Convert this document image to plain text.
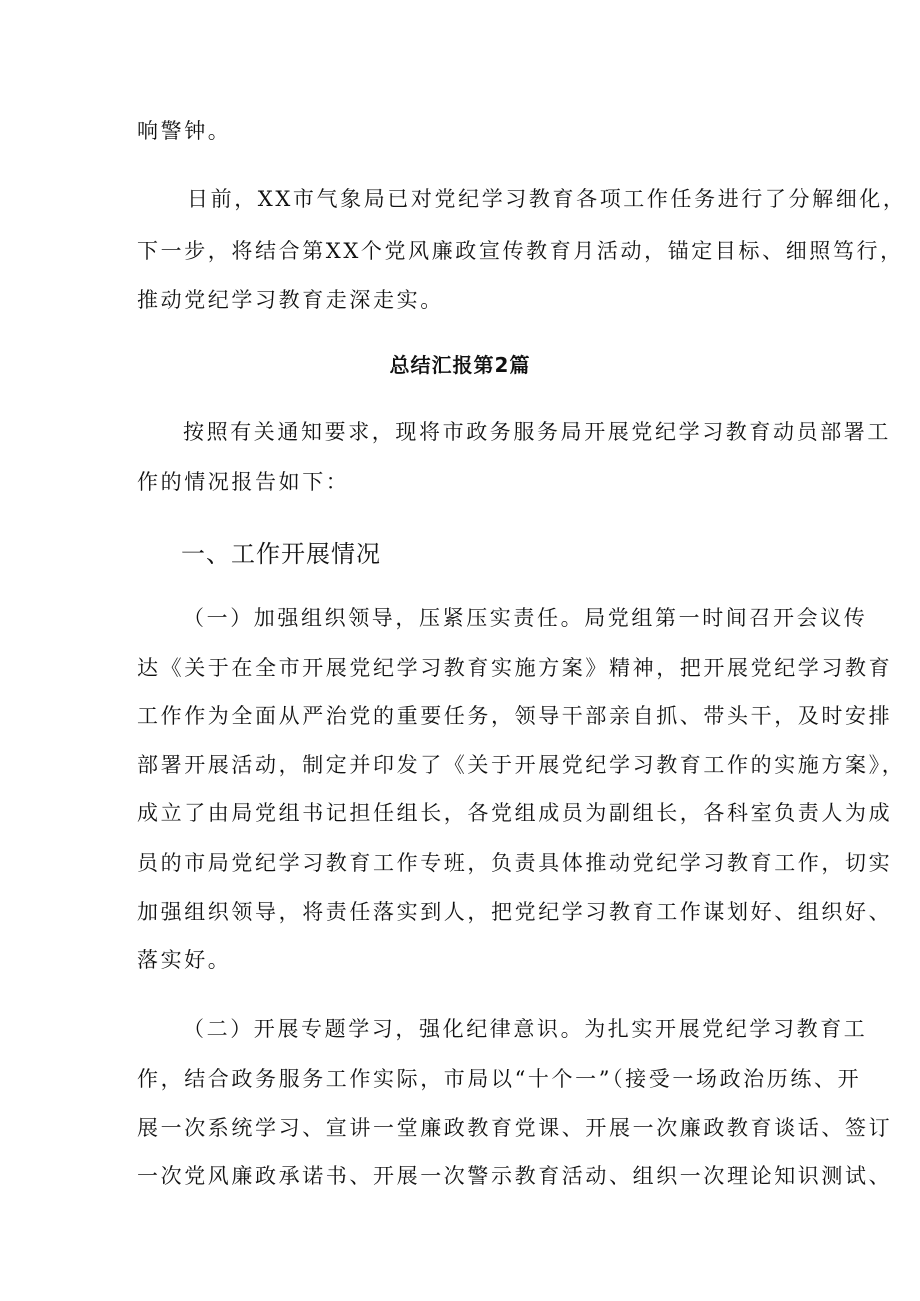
响警钟。
日前，XX市气象局已对党纪学习教育各项工作任务进行了分解细化，
下一步，将结合第XX个党风廉政宣传教育月活动，锚定目标、细照笃行，
推动党纪学习教育走深走实。
总结汇报第2篇
按照有关通知要求，现将市政务服务局开展党纪学习教育动员部署工
作的情况报告如下：
一、工作开展情况
（一）加强组织领导，压紧压实责任。局党组第一时间召开会议传
达《关于在全市开展党纪学习教育实施方案》精神，把开展党纪学习教育
工作作为全面从严治党的重要任务，领导干部亲自抓、带头干，及时安排
部署开展活动，制定并印发了《关于开展党纪学习教育工作的实施方案》，
成立了由局党组书记担任组长，各党组成员为副组长，各科室负责人为成
员的市局党纪学习教育工作专班，负责具体推动党纪学习教育工作，切实
加强组织领导，将责任落实到人，把党纪学习教育工作谋划好、组织好、
落实好。
（二）开展专题学习，强化纪律意识。为扎实开展党纪学习教育工
作，结合政务服务工作实际，市局以“十个一”（接受一场政治历练、开
展一次系统学习、宣讲一堂廉政教育党课、开展一次廉政教育谈话、签订
一次党风廉政承诺书、开展一次警示教育活动、组织一次理论知识测试、
